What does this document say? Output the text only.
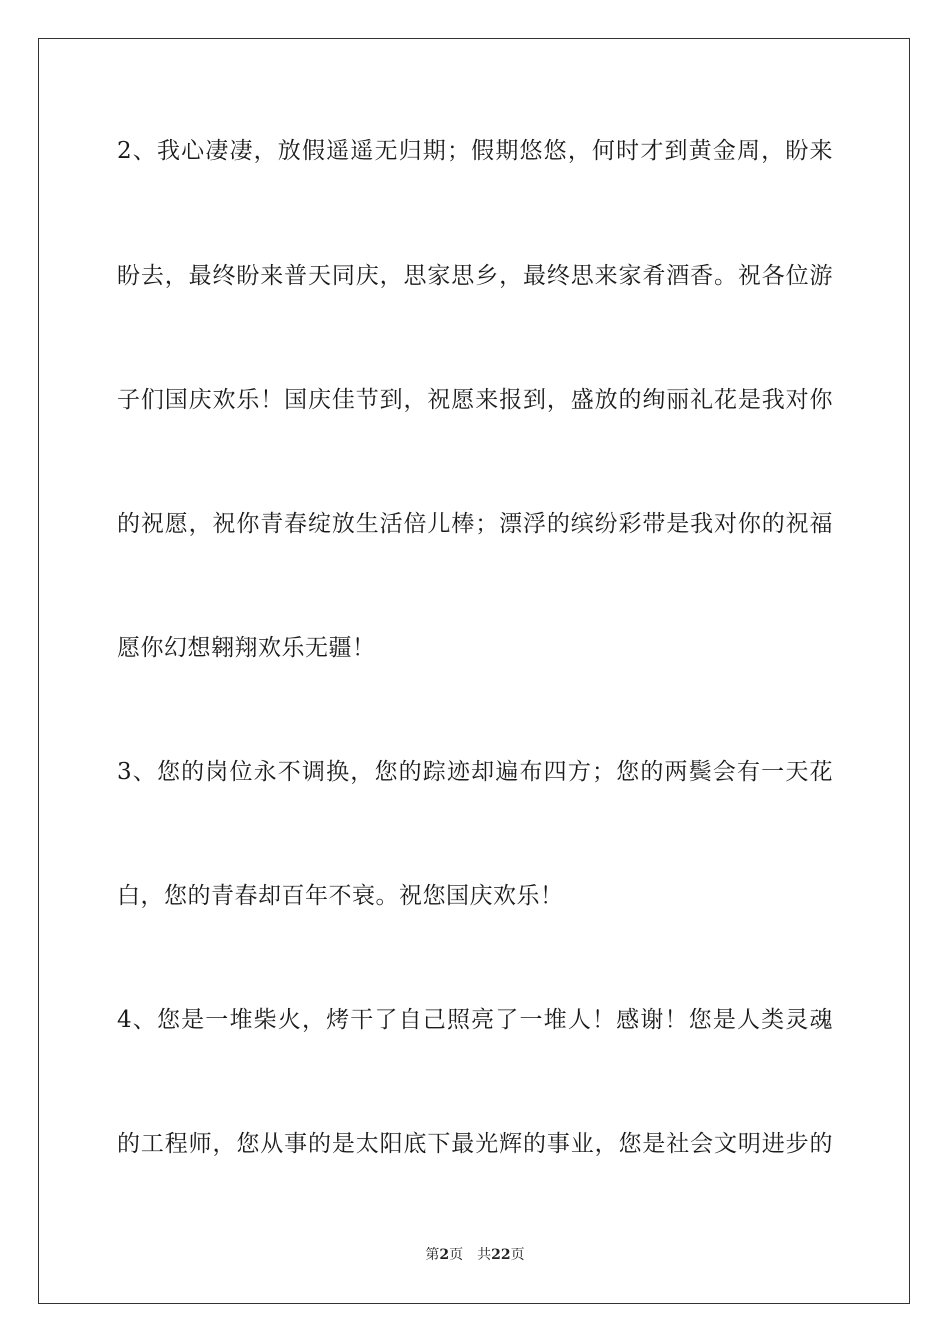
2、我心凄凄，放假遥遥无归期；假期悠悠，何时才到黄金周，盼来
盼去，最终盼来普天同庆，思家思乡，最终思来家肴酒香。祝各位游
子们国庆欢乐！国庆佳节到，祝愿来报到，盛放的绚丽礼花是我对你
的祝愿，祝你青春绽放生活倍儿棒；漂浮的缤纷彩带是我对你的祝福
愿你幻想翱翔欢乐无疆！
3、您的岗位永不调换，您的踪迹却遍布四方；您的两鬓会有一天花
白，您的青春却百年不衰。祝您国庆欢乐！
4、您是一堆柴火，烤干了自己照亮了一堆人！感谢！您是人类灵魂
的工程师，您从事的是太阳底下最光辉的事业，您是社会文明进步的
第2页 共22页
